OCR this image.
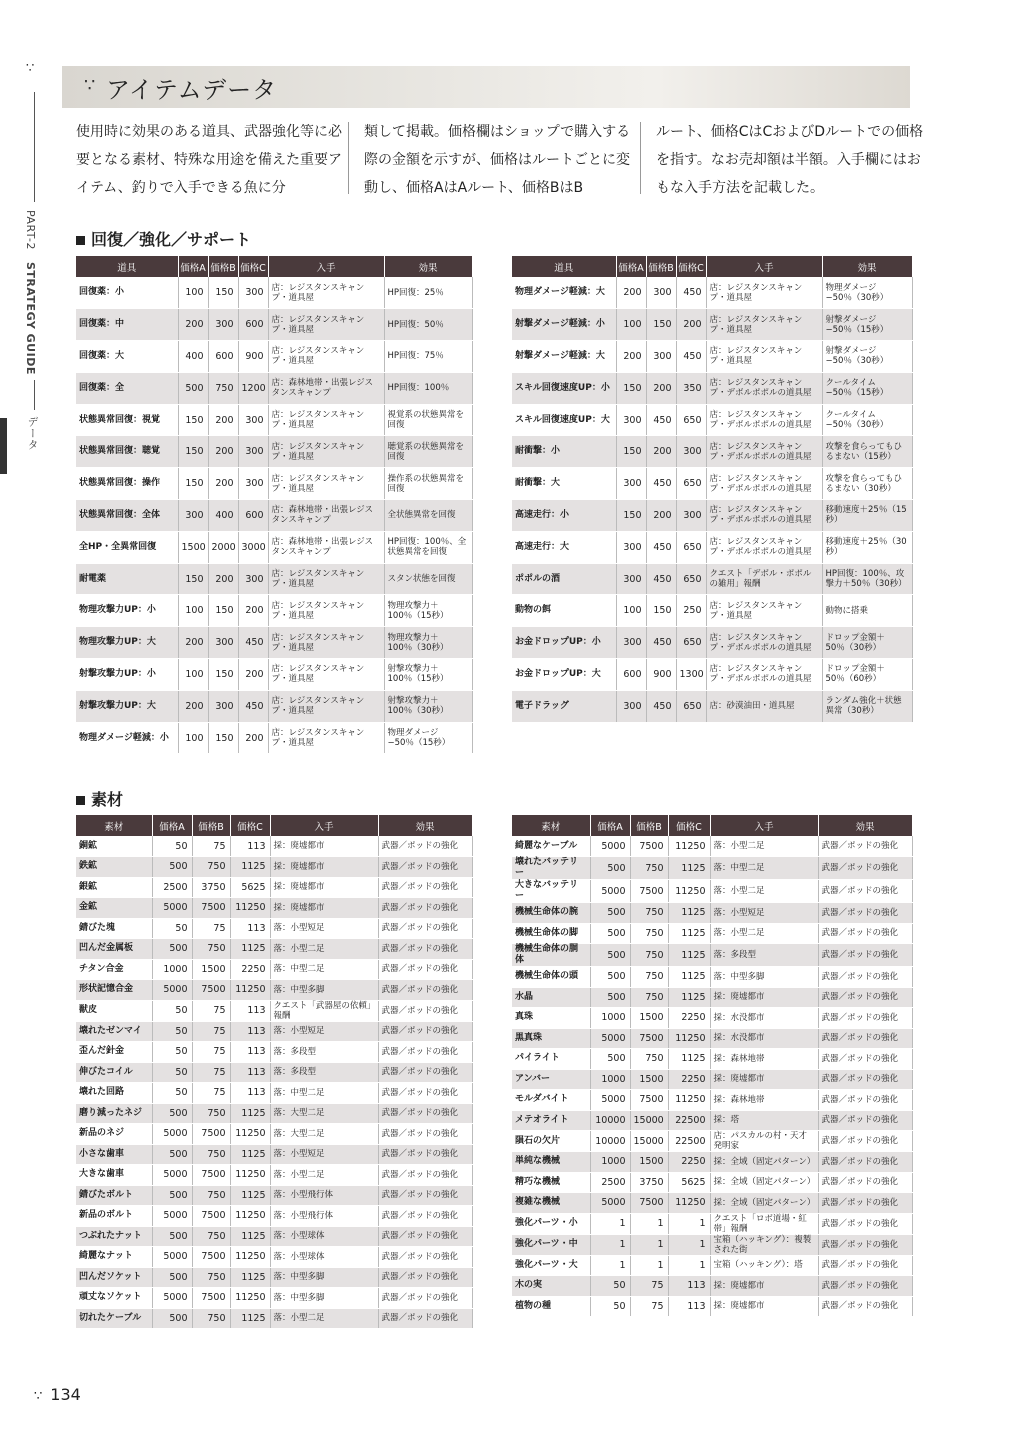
∵
PART-2
STRATEGY GUIDE
データ
∵ アイテムデータ

使用時に効果のある道具、武器強化等に必要となる素材、特殊な用途を備えた重要アイテム、釣りで入手できる魚に分

類して掲載。価格欄はショップで購入する際の金額を示すが、価格はルートごとに変動し、価格AはAルート、価格BはB

ルート、価格CはCおよびDルートでの価格を指す。なお売却額は半額。入手欄にはおもな入手方法を記載した。

回復／強化／サポート
素材
道具	価格A	価格B	価格C	入手	効果
回復薬：小	100	150	300	店：レジスタンスキャンプ・道具屋	HP回復：25％
回復薬：中	200	300	600	店：レジスタンスキャンプ・道具屋	HP回復：50％
回復薬：大	400	600	900	店：レジスタンスキャンプ・道具屋	HP回復：75％
回復薬：全	500	750	1200	店：森林地帯・出張レジスタンスキャンプ	HP回復：100％
状態異常回復：視覚	150	200	300	店：レジスタンスキャンプ・道具屋	視覚系の状態異常を回復
状態異常回復：聴覚	150	200	300	店：レジスタンスキャンプ・道具屋	聴覚系の状態異常を回復
状態異常回復：操作	150	200	300	店：レジスタンスキャンプ・道具屋	操作系の状態異常を回復
状態異常回復：全体	300	400	600	店：森林地帯・出張レジスタンスキャンプ	全状態異常を回復
全HP・全異常回復	1500	2000	3000	店：森林地帯・出張レジスタンスキャンプ	HP回復：100％、全状態異常を回復
耐電薬	150	200	300	店：レジスタンスキャンプ・道具屋	スタン状態を回復
物理攻撃力UP：小	100	150	200	店：レジスタンスキャンプ・道具屋	物理攻撃力＋100％（15秒）
物理攻撃力UP：大	200	300	450	店：レジスタンスキャンプ・道具屋	物理攻撃力＋100％（30秒）
射撃攻撃力UP：小	100	150	200	店：レジスタンスキャンプ・道具屋	射撃攻撃力＋100％（15秒）
射撃攻撃力UP：大	200	300	450	店：レジスタンスキャンプ・道具屋	射撃攻撃力＋100％（30秒）
物理ダメージ軽減：小	100	150	200	店：レジスタンスキャンプ・道具屋	物理ダメージ−50％（15秒）
道具	価格A	価格B	価格C	入手	効果
物理ダメージ軽減：大	200	300	450	店：レジスタンスキャンプ・道具屋	物理ダメージ−50％（30秒）
射撃ダメージ軽減：小	100	150	200	店：レジスタンスキャンプ・道具屋	射撃ダメージ−50％（15秒）
射撃ダメージ軽減：大	200	300	450	店：レジスタンスキャンプ・道具屋	射撃ダメージ−50％（30秒）
スキル回復速度UP：小	150	200	350	店：レジスタンスキャンプ・デボルポポルの道具屋	クールタイム−50％（15秒）
スキル回復速度UP：大	300	450	650	店：レジスタンスキャンプ・デボルポポルの道具屋	クールタイム−50％（30秒）
耐衝撃：小	150	200	300	店：レジスタンスキャンプ・デボルポポルの道具屋	攻撃を食らってもひるまない（15秒）
耐衝撃：大	300	450	650	店：レジスタンスキャンプ・デボルポポルの道具屋	攻撃を食らってもひるまない（30秒）
高速走行：小	150	200	300	店：レジスタンスキャンプ・デボルポポルの道具屋	移動速度＋25％（15秒）
高速走行：大	300	450	650	店：レジスタンスキャンプ・デボルポポルの道具屋	移動速度＋25％（30秒）
ポポルの酒	300	450	650	クエスト「デボル・ポポルの雑用」報酬	HP回復：100％、攻撃力＋50％（30秒）
動物の餌	100	150	250	店：レジスタンスキャンプ・道具屋	動物に搭乗
お金ドロップUP：小	300	450	650	店：レジスタンスキャンプ・デボルポポルの道具屋	ドロップ金額＋50％（30秒）
お金ドロップUP：大	600	900	1300	店：レジスタンスキャンプ・デボルポポルの道具屋	ドロップ金額＋50％（60秒）
電子ドラッグ	300	450	650	店：砂漠油田・道具屋	ランダム強化＋状態異常（30秒）
素材	価格A	価格B	価格C	入手	効果
銅鉱	50	75	113	採：廃墟都市	武器／ポッドの強化
鉄鉱	500	750	1125	採：廃墟都市	武器／ポッドの強化
銀鉱	2500	3750	5625	採：廃墟都市	武器／ポッドの強化
金鉱	5000	7500	11250	採：廃墟都市	武器／ポッドの強化
錆びた塊	50	75	113	落：小型短足	武器／ポッドの強化
凹んだ金属板	500	750	1125	落：小型二足	武器／ポッドの強化
チタン合金	1000	1500	2250	落：中型二足	武器／ポッドの強化
形状記憶合金	5000	7500	11250	落：中型多脚	武器／ポッドの強化
獣皮	50	75	113	クエスト「武器屋の依頼」報酬	武器／ポッドの強化
壊れたゼンマイ	50	75	113	落：小型短足	武器／ポッドの強化
歪んだ針金	50	75	113	落：多段型	武器／ポッドの強化
伸びたコイル	50	75	113	落：多段型	武器／ポッドの強化
壊れた回路	50	75	113	落：中型二足	武器／ポッドの強化
磨り減ったネジ	500	750	1125	落：大型二足	武器／ポッドの強化
新品のネジ	5000	7500	11250	落：大型二足	武器／ポッドの強化
小さな歯車	500	750	1125	落：小型短足	武器／ポッドの強化
大きな歯車	5000	7500	11250	落：小型二足	武器／ポッドの強化
錆びたボルト	500	750	1125	落：小型飛行体	武器／ポッドの強化
新品のボルト	5000	7500	11250	落：小型飛行体	武器／ポッドの強化
つぶれたナット	500	750	1125	落：小型球体	武器／ポッドの強化
綺麗なナット	5000	7500	11250	落：小型球体	武器／ポッドの強化
凹んだソケット	500	750	1125	落：中型多脚	武器／ポッドの強化
頑丈なソケット	5000	7500	11250	落：中型多脚	武器／ポッドの強化
切れたケーブル	500	750	1125	落：小型二足	武器／ポッドの強化
素材	価格A	価格B	価格C	入手	効果
綺麗なケーブル	5000	7500	11250	落：小型二足	武器／ポッドの強化
壊れたバッテリー	500	750	1125	落：中型二足	武器／ポッドの強化
大きなバッテリー	5000	7500	11250	落：小型二足	武器／ポッドの強化
機械生命体の腕	500	750	1125	落：小型短足	武器／ポッドの強化
機械生命体の脚	500	750	1125	落：小型二足	武器／ポッドの強化
機械生命体の胴体	500	750	1125	落：多段型	武器／ポッドの強化
機械生命体の頭	500	750	1125	落：中型多脚	武器／ポッドの強化
水晶	500	750	1125	採：廃墟都市	武器／ポッドの強化
真珠	1000	1500	2250	採：水没都市	武器／ポッドの強化
黒真珠	5000	7500	11250	採：水没都市	武器／ポッドの強化
パイライト	500	750	1125	採：森林地帯	武器／ポッドの強化
アンバー	1000	1500	2250	採：廃墟都市	武器／ポッドの強化
モルダバイト	5000	7500	11250	採：森林地帯	武器／ポッドの強化
メテオライト	10000	15000	22500	採：塔	武器／ポッドの強化
隕石の欠片	10000	15000	22500	店：パスカルの村・天才発明家	武器／ポッドの強化
単純な機械	1000	1500	2250	採：全域（固定パターン）	武器／ポッドの強化
精巧な機械	2500	3750	5625	採：全域（固定パターン）	武器／ポッドの強化
複雑な機械	5000	7500	11250	採：全域（固定パターン）	武器／ポッドの強化
強化パーツ・小	1	1	1	クエスト「ロボ道場・紅帯」報酬	武器／ポッドの強化
強化パーツ・中	1	1	1	宝箱（ハッキング）：複製された街	武器／ポッドの強化
強化パーツ・大	1	1	1	宝箱（ハッキング）：塔	武器／ポッドの強化
木の実	50	75	113	採：廃墟都市	武器／ポッドの強化
植物の種	50	75	113	採：廃墟都市	武器／ポッドの強化
∵ 134
